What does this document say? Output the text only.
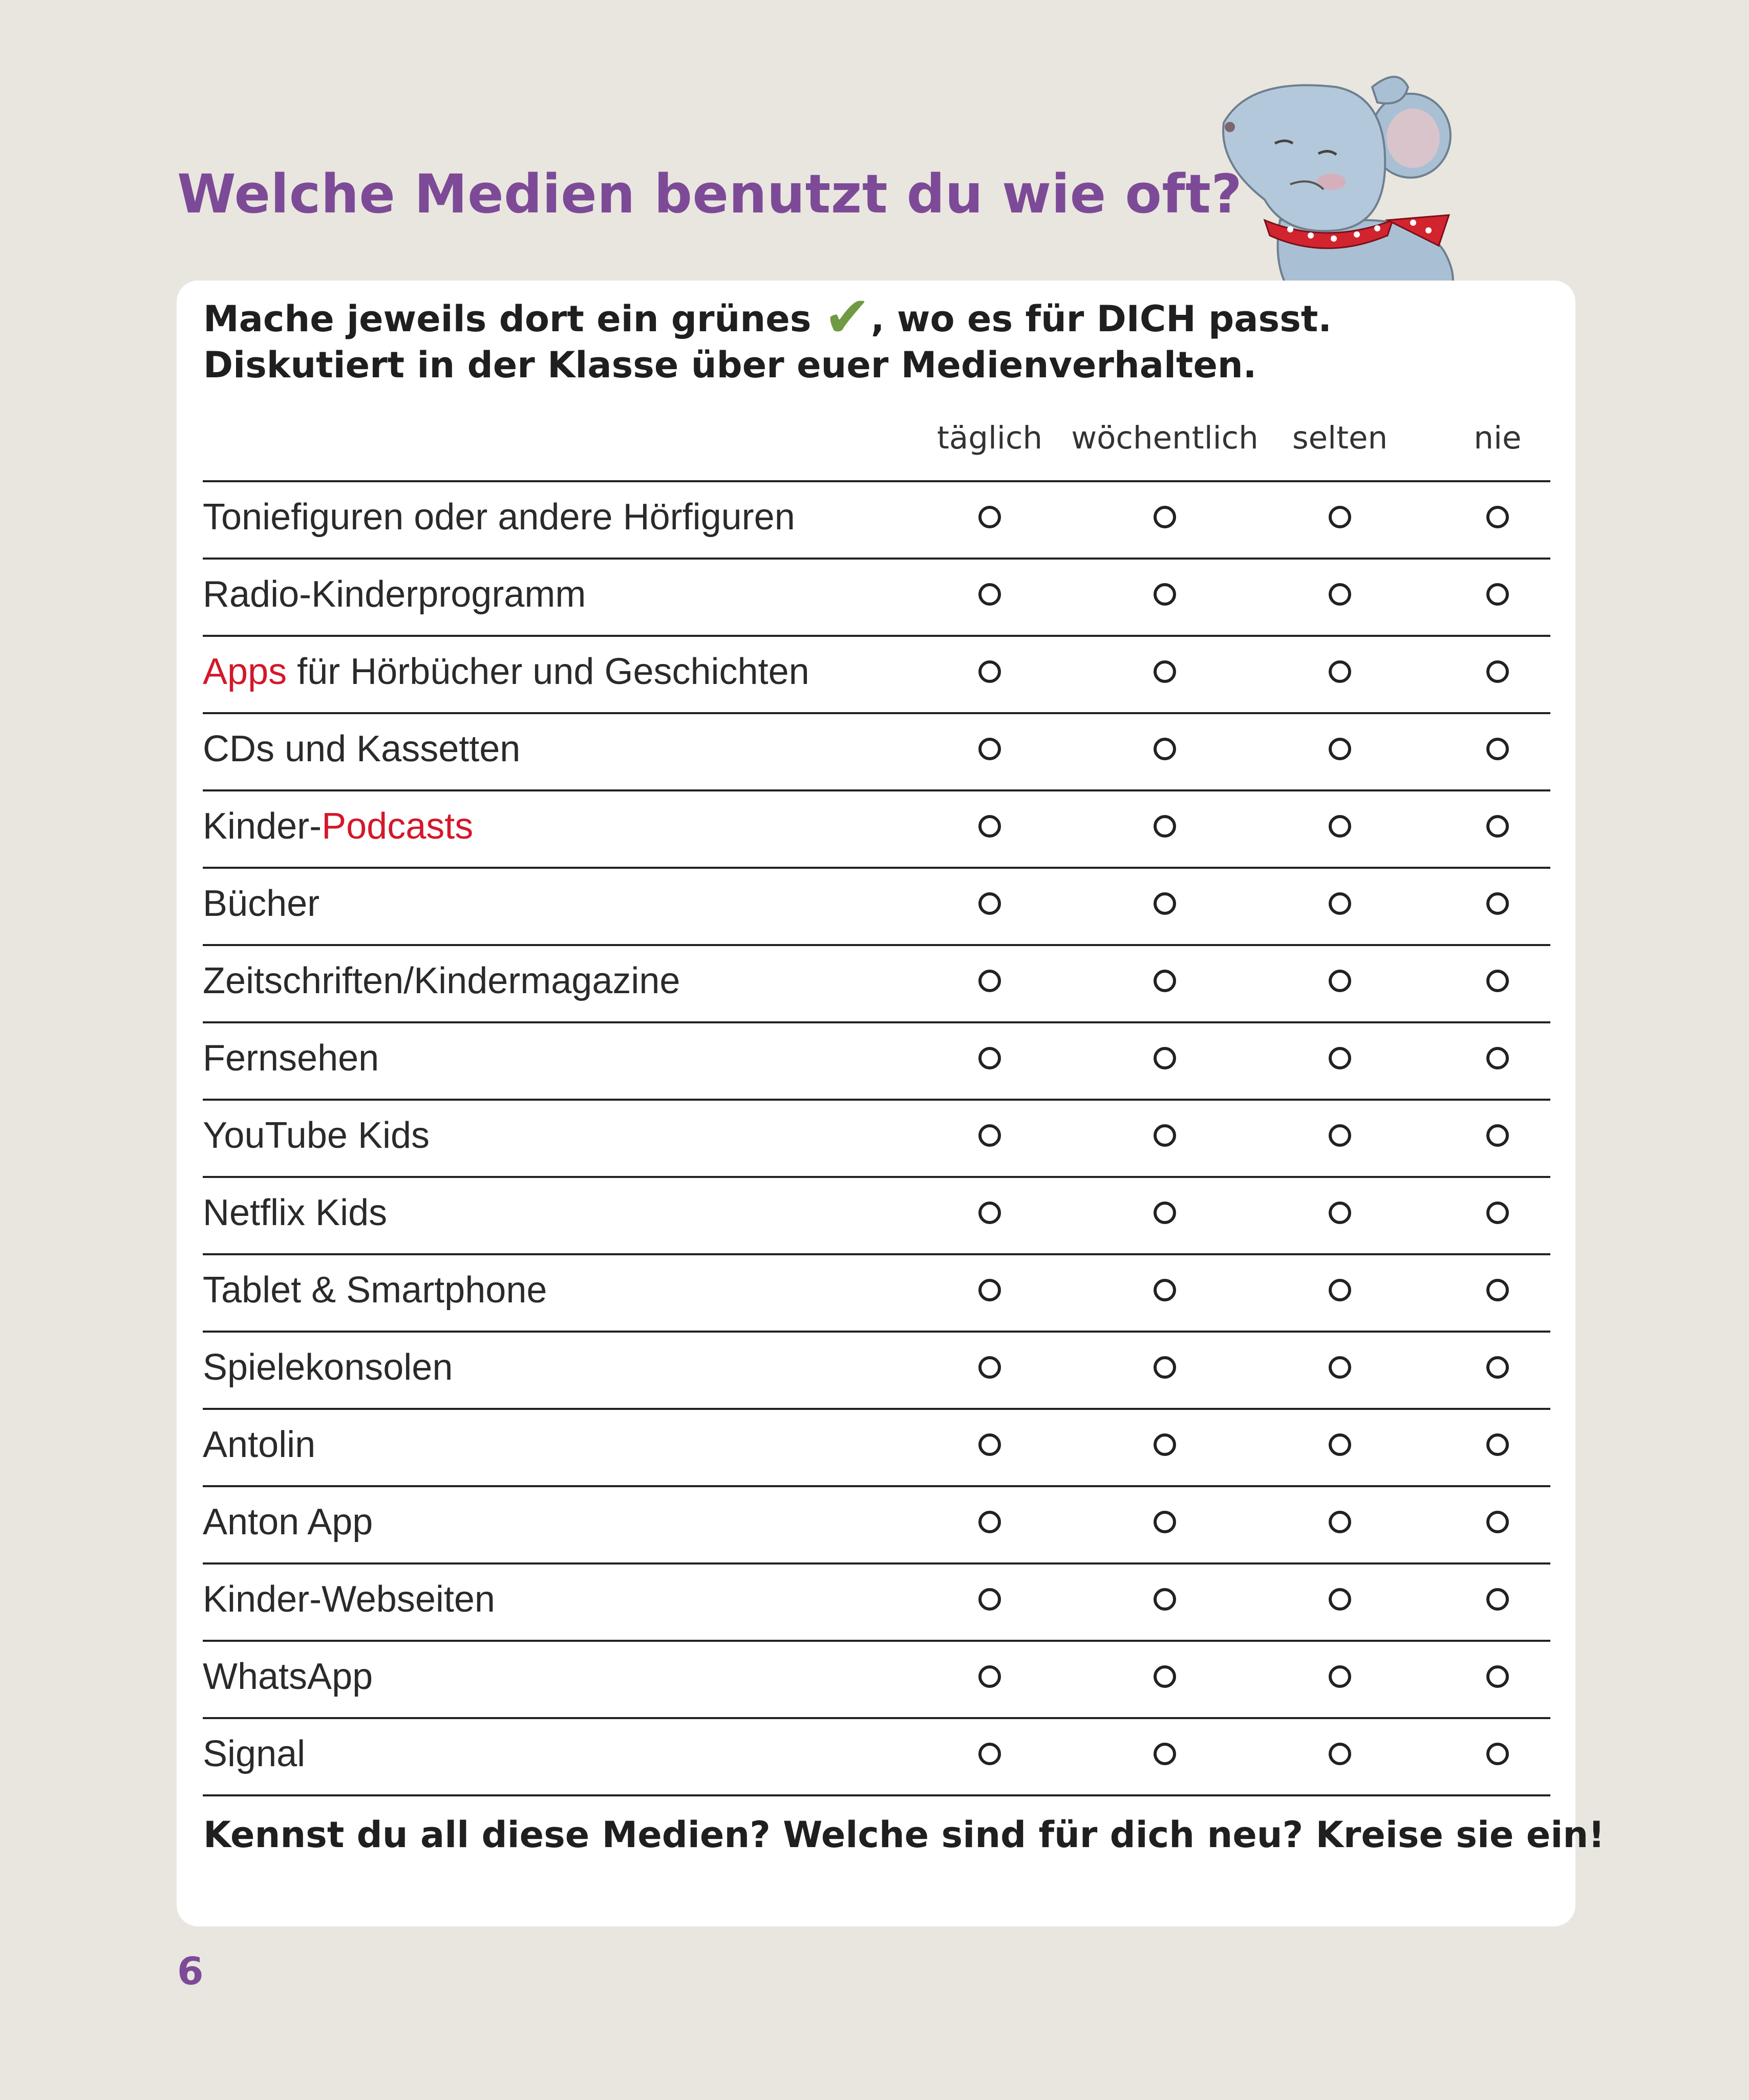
Welche Medien benutzt du wie oft?
Mache jeweils dort ein grünes ✔, wo es für DICH passt.
Diskutiert in der Klasse über euer Medienverhalten.
täglich wöchentlich selten	nie
Toniefiguren oder andere Hörfiguren
Radio-Kinderprogramm
Apps für Hörbücher und Geschichten
CDs und Kassetten
Kinder-Podcasts
Bücher
Zeitschriften/Kindermagazine
Fernsehen
YouTube Kids
Netflix Kids
Tablet & Smartphone
Spielekonsolen
Antolin
Anton App
Kinder-Webseiten
WhatsApp
Signal
Kennst du all diese Medien? Welche sind für dich neu? Kreise sie ein!
6
